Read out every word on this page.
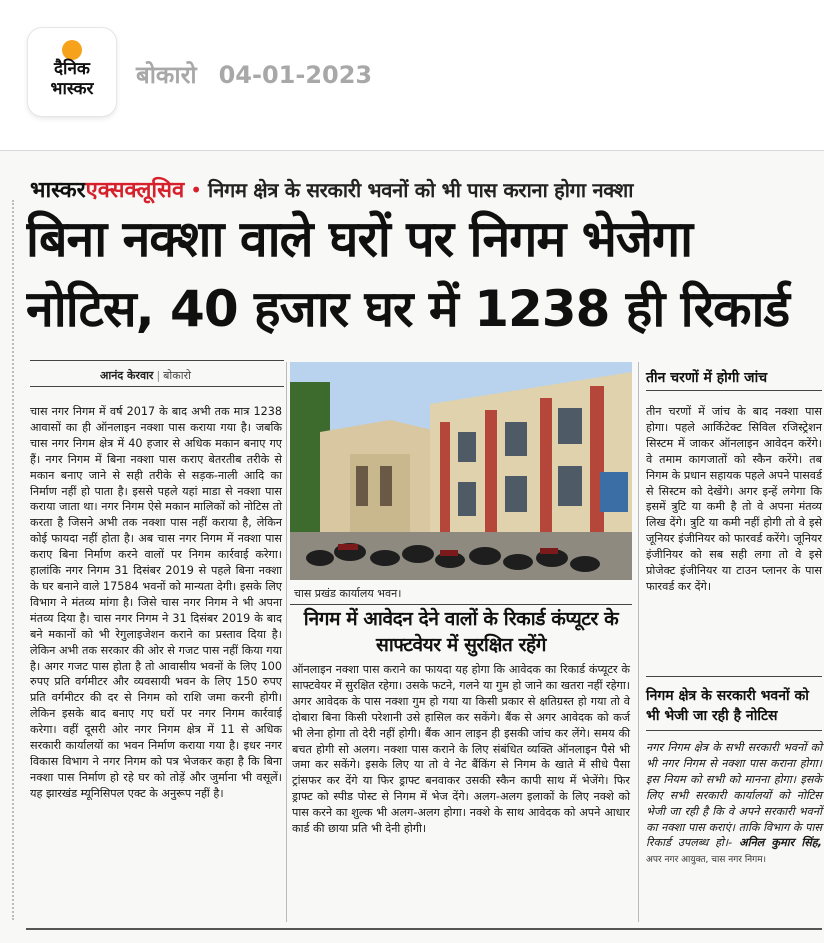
दैनिक
भास्कर	बोकारो 04-01-2023
भास्करएक्सक्लूसिव • निगम क्षेत्र के सरकारी भवनों को भी पास कराना होगा नक्शा
बिना नक्शा वाले घरों पर निगम भेजेगा
नोटिस, 40 हजार घर में 1238 ही रिकार्ड
आनंद केरवार | बोकारो
चास नगर निगम में वर्ष 2017 के बाद अभी तक मात्र 1238 आवासों का ही ऑनलाइन नक्शा पास कराया गया है। जबकि चास नगर निगम क्षेत्र में 40 हजार से अधिक मकान बनाए गए हैं। नगर निगम में बिना नक्शा पास कराए बेतरतीब तरीके से मकान बनाए जाने से सही तरीके से सड़क-नाली आदि का निर्माण नहीं हो पाता है। इससे पहले यहां माडा से नक्शा पास कराया जाता था। नगर निगम ऐसे मकान मालिकों को नोटिस तो करता है जिसने अभी तक नक्शा पास नहीं कराया है, लेकिन कोई फायदा नहीं होता है। अब चास नगर निगम में नक्शा पास कराए बिना निर्माण करने वालों पर निगम कार्रवाई करेगा। हालांकि नगर निगम 31 दिसंबर 2019 से पहले बिना नक्शा के घर बनाने वाले 17584 भवनों को मान्यता देगी। इसके लिए विभाग ने मंतव्य मांगा है। जिसे चास नगर निगम ने भी अपना मंतव्य दिया है। चास नगर निगम ने 31 दिसंबर 2019 के बाद बने मकानों को भी रेगुलाइजेशन कराने का प्रस्ताव दिया है। लेकिन अभी तक सरकार की ओर से गजट पास नहीं किया गया है। अगर गजट पास होता है तो आवासीय भवनों के लिए 100 रुपए प्रति वर्गमीटर और व्यवसायी भवन के लिए 150 रुपए प्रति वर्गमीटर की दर से निगम को राशि जमा करनी होगी। लेकिन इसके बाद बनाए गए घरों पर नगर निगम कार्रवाई करेगा। वहीं दूसरी ओर नगर निगम क्षेत्र में 11 से अधिक सरकारी कार्यालयों का भवन निर्माण कराया गया है। इधर नगर विकास विभाग ने नगर निगम को पत्र भेजकर कहा है कि बिना नक्शा पास निर्माण हो रहे घर को तोड़ें और जुर्माना भी वसूलें। यह झारखंड म्यूनिसिपल एक्ट के अनुरूप नहीं है।
चास प्रखंड कार्यालय भवन।
निगम में आवेदन देने वालों के रिकार्ड कंप्यूटर के साफ्टवेयर में सुरक्षित रहेंगे
ऑनलाइन नक्शा पास कराने का फायदा यह होगा कि आवेदक का रिकार्ड कंप्यूटर के साफ्टवेयर में सुरक्षित रहेगा। उसके फटने, गलने या गुम हो जाने का खतरा नहीं रहेगा। अगर आवेदक के पास नक्शा गुम हो गया या किसी प्रकार से क्षतिग्रस्त हो गया तो वे दोबारा बिना किसी परेशानी उसे हासिल कर सकेंगे। बैंक से अगर आवेदक को कर्ज भी लेना होगा तो देरी नहीं होगी। बैंक आन लाइन ही इसकी जांच कर लेंगे। समय की बचत होगी सो अलग। नक्शा पास कराने के लिए संबंधित व्यक्ति ऑनलाइन पैसे भी जमा कर सकेंगे। इसके लिए या तो वे नेट बैंकिंग से निगम के खाते में सीधे पैसा ट्रांसफर कर देंगे या फिर ड्राफ्ट बनवाकर उसकी स्कैन कापी साथ में भेजेंगे। फिर ड्राफ्ट को स्पीड पोस्ट से निगम में भेज देंगे। अलग-अलग इलाकों के लिए नक्शे को पास करने का शुल्क भी अलग-अलग होगा। नक्शे के साथ आवेदक को अपने आधार कार्ड की छाया प्रति भी देनी होगी।
तीन चरणों में होगी जांच
तीन चरणों में जांच के बाद नक्शा पास होगा। पहले आर्किटेक्ट सिविल रजिस्ट्रेशन सिस्टम में जाकर ऑनलाइन आवेदन करेंगे। वे तमाम कागजातों को स्कैन करेंगे। तब निगम के प्रधान सहायक पहले अपने पासवर्ड से सिस्टम को देखेंगे। अगर इन्हें लगेगा कि इसमें त्रुटि या कमी है तो वे अपना मंतव्य लिख देंगे। त्रुटि या कमी नहीं होगी तो वे इसे जूनियर इंजीनियर को फारवर्ड करेंगे। जूनियर इंजीनियर को सब सही लगा तो वे इसे प्रोजेक्ट इंजीनियर या टाउन प्लानर के पास फारवर्ड कर देंगे।
निगम क्षेत्र के सरकारी भवनों को भी भेजी जा रही है नोटिस
नगर निगम क्षेत्र के सभी सरकारी भवनों को भी नगर निगम से नक्शा पास कराना होगा। इस नियम को सभी को मानना होगा। इसके लिए सभी सरकारी कार्यालयों को नोटिस भेजी जा रही है कि वे अपने सरकारी भवनों का नक्शा पास कराएं। ताकि विभाग के पास रिकार्ड उपलब्ध हो।- अनिल कुमार सिंह, अपर नगर आयुक्त, चास नगर निगम।
